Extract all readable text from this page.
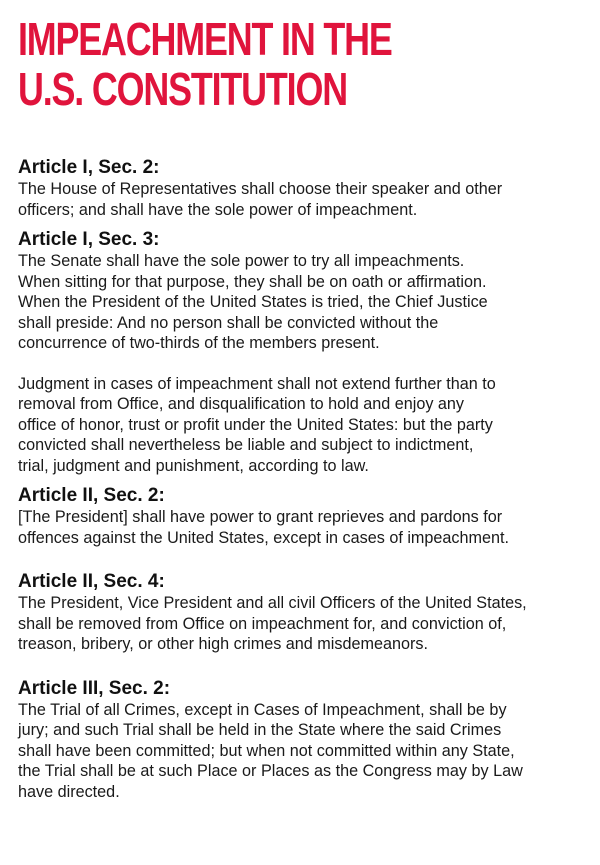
IMPEACHMENT IN THE
U.S. CONSTITUTION
Article I, Sec. 2:

The House of Representatives shall choose their speaker and other
officers; and shall have the sole power of impeachment.

Article I, Sec. 3:

The Senate shall have the sole power to try all impeachments.
When sitting for that purpose, they shall be on oath or affirmation.
When the President of the United States is tried, the Chief Justice
shall preside: And no person shall be convicted without the
concurrence of two-thirds of the members present.

Judgment in cases of impeachment shall not extend further than to
removal from Office, and disqualification to hold and enjoy any
office of honor, trust or profit under the United States: but the party
convicted shall nevertheless be liable and subject to indictment,
trial, judgment and punishment, according to law.

Article II, Sec. 2:

[The President] shall have power to grant reprieves and pardons for
offences against the United States, except in cases of impeachment.

Article II, Sec. 4:

The President, Vice President and all civil Officers of the United States,
shall be removed from Office on impeachment for, and conviction of,
treason, bribery, or other high crimes and misdemeanors.

Article III, Sec. 2:

The Trial of all Crimes, except in Cases of Impeachment, shall be by
jury; and such Trial shall be held in the State where the said Crimes
shall have been committed; but when not committed within any State,
the Trial shall be at such Place or Places as the Congress may by Law
have directed.
